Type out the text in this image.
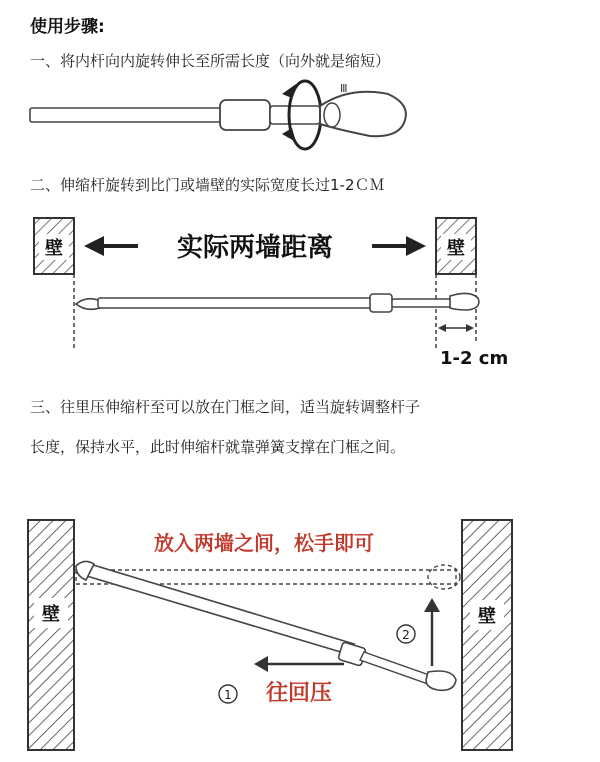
使用步骤:
一、将内杆向内旋转伸长至所需长度（向外就是缩短）
Ⅲ
二、伸缩杆旋转到比门或墙壁的实际宽度长过1-2ＣＭ
壁	壁
实际两墙距离
1-2 cm
三、往里压伸缩杆至可以放在门框之间，适当旋转调整杆子
长度，保持水平，此时伸缩杆就靠弹簧支撑在门框之间。
壁	壁
放入两墙之间，松手即可
2
1 往回压
